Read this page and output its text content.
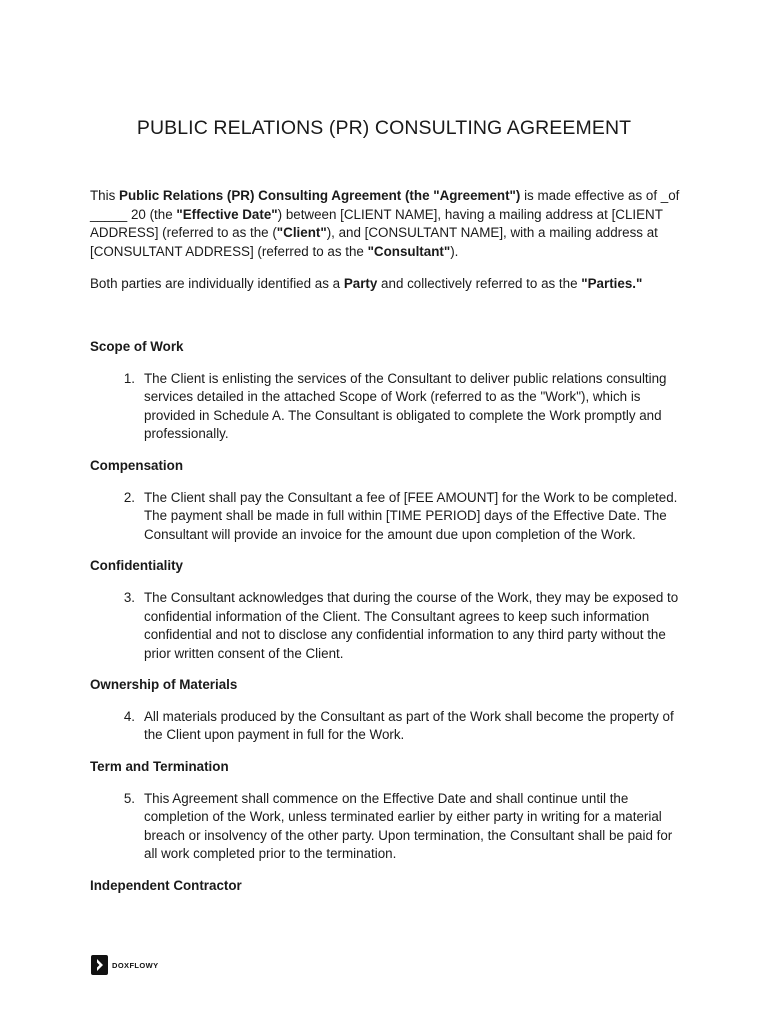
PUBLIC RELATIONS (PR) CONSULTING AGREEMENT

This Public Relations (PR) Consulting Agreement (the "Agreement") is made effective as of _of _____ 20 (the "Effective Date") between [CLIENT NAME], having a mailing address at [CLIENT ADDRESS] (referred to as the ("Client"), and [CONSULTANT NAME], with a mailing address at [CONSULTANT ADDRESS] (referred to as the "Consultant").

Both parties are individually identified as a Party and collectively referred to as the "Parties."

Scope of Work
1. The Client is enlisting the services of the Consultant to deliver public relations consulting services detailed in the attached Scope of Work (referred to as the "Work"), which is provided in Schedule A. The Consultant is obligated to complete the Work promptly and professionally.
Compensation
2. The Client shall pay the Consultant a fee of [FEE AMOUNT] for the Work to be completed. The payment shall be made in full within [TIME PERIOD] days of the Effective Date. The Consultant will provide an invoice for the amount due upon completion of the Work.
Confidentiality
3. The Consultant acknowledges that during the course of the Work, they may be exposed to confidential information of the Client. The Consultant agrees to keep such information confidential and not to disclose any confidential information to any third party without the prior written consent of the Client.
Ownership of Materials
4. All materials produced by the Consultant as part of the Work shall become the property of the Client upon payment in full for the Work.
Term and Termination
5. This Agreement shall commence on the Effective Date and shall continue until the completion of the Work, unless terminated earlier by either party in writing for a material breach or insolvency of the other party. Upon termination, the Consultant shall be paid for all work completed prior to the termination.
Independent Contractor
DOXFLOWY
